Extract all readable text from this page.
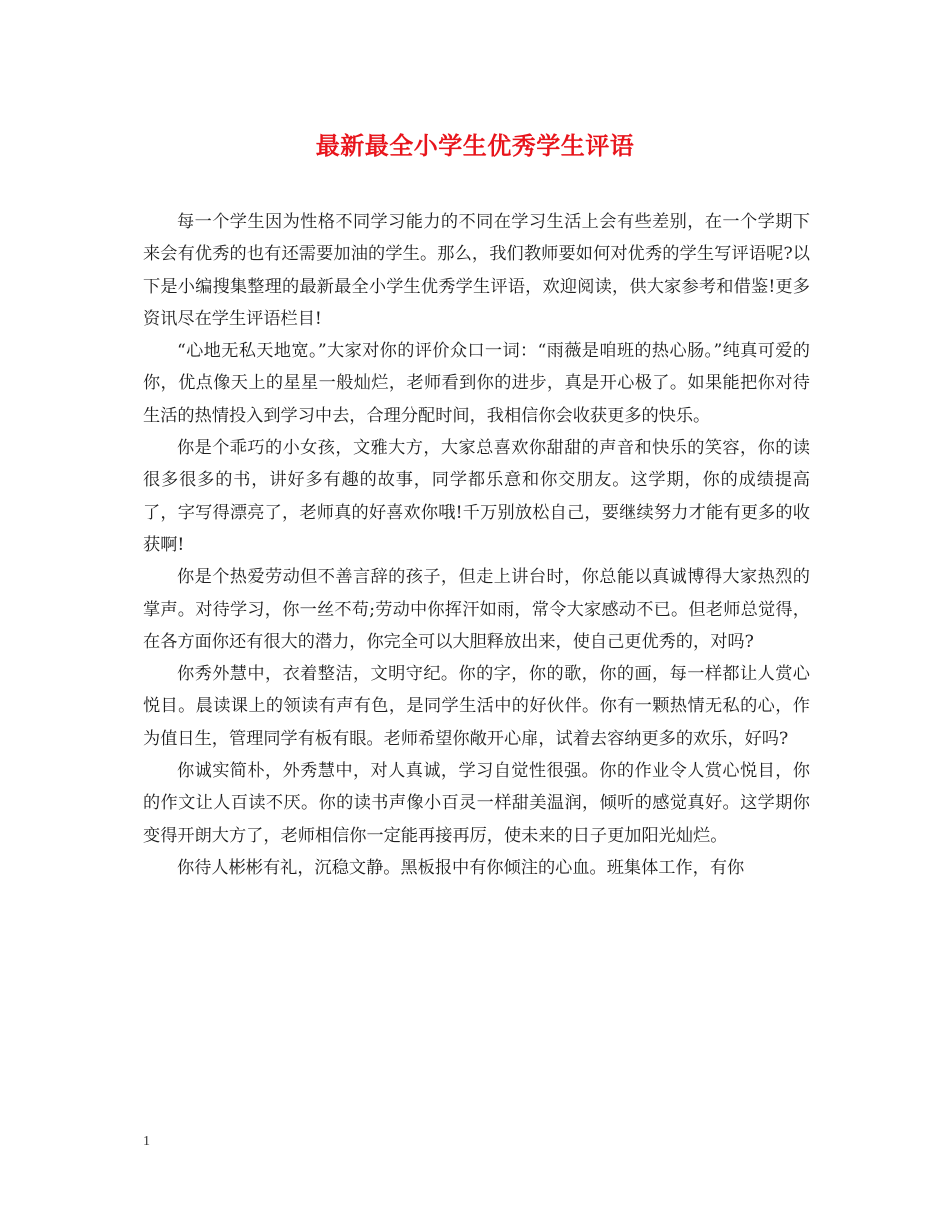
最新最全小学生优秀学生评语

每一个学生因为性格不同学习能力的不同在学习生活上会有些差别，在一个学期下来会有优秀的也有还需要加油的学生。那么，我们教师要如何对优秀的学生写评语呢?以下是小编搜集整理的最新最全小学生优秀学生评语，欢迎阅读，供大家参考和借鉴!更多资讯尽在学生评语栏目!

“心地无私天地宽。”大家对你的评价众口一词：“雨薇是咱班的热心肠。”纯真可爱的你，优点像天上的星星一般灿烂，老师看到你的进步，真是开心极了。如果能把你对待生活的热情投入到学习中去，合理分配时间，我相信你会收获更多的快乐。

你是个乖巧的小女孩，文雅大方，大家总喜欢你甜甜的声音和快乐的笑容，你的读很多很多的书，讲好多有趣的故事，同学都乐意和你交朋友。这学期，你的成绩提高了，字写得漂亮了，老师真的好喜欢你哦!千万别放松自己，要继续努力才能有更多的收获啊!

你是个热爱劳动但不善言辞的孩子，但走上讲台时，你总能以真诚博得大家热烈的掌声。对待学习，你一丝不苟;劳动中你挥汗如雨，常令大家感动不已。但老师总觉得，在各方面你还有很大的潜力，你完全可以大胆释放出来，使自己更优秀的，对吗?

你秀外慧中，衣着整洁，文明守纪。你的字，你的歌，你的画，每一样都让人赏心悦目。晨读课上的领读有声有色，是同学生活中的好伙伴。你有一颗热情无私的心，作为值日生，管理同学有板有眼。老师希望你敞开心扉，试着去容纳更多的欢乐，好吗?

你诚实简朴，外秀慧中，对人真诚，学习自觉性很强。你的作业令人赏心悦目，你的作文让人百读不厌。你的读书声像小百灵一样甜美温润，倾听的感觉真好。这学期你变得开朗大方了，老师相信你一定能再接再厉，使未来的日子更加阳光灿烂。

你待人彬彬有礼，沉稳文静。黑板报中有你倾注的心血。班集体工作，有你

1
